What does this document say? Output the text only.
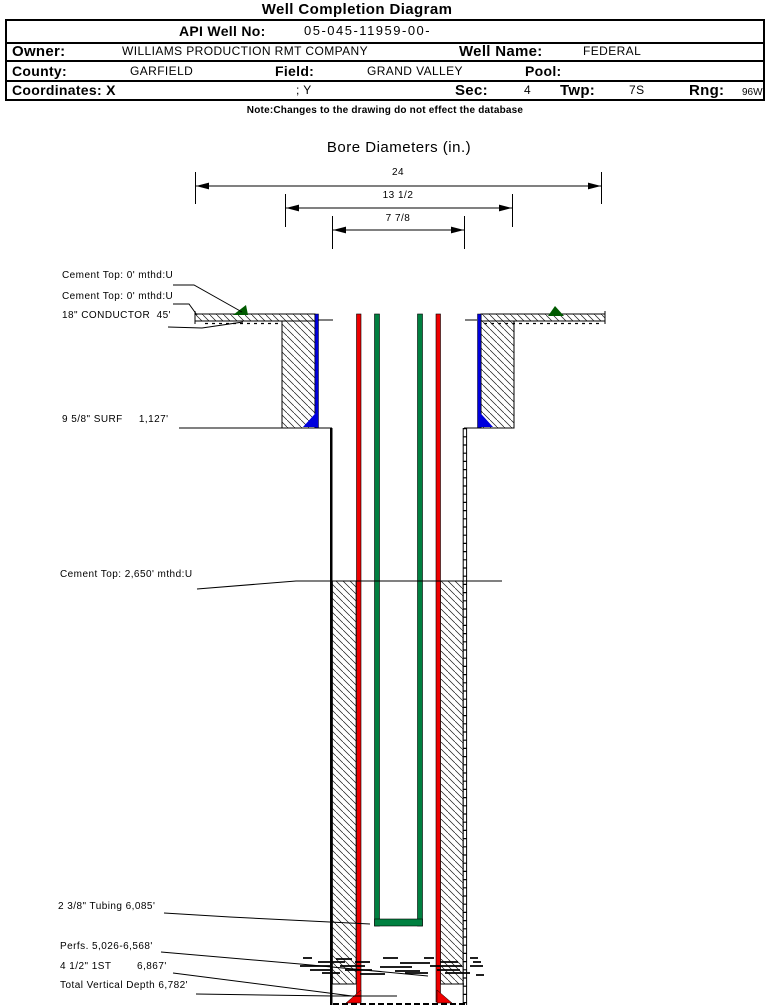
Well Completion Diagram
API Well No:	05-045-11959-00-
Owner:	WILLIAMS PRODUCTION RMT COMPANY	Well Name:	FEDERAL
County:	GARFIELD	Field:	GRAND VALLEY	Pool:
Coordinates: X	; Y	Sec:	4 Twp:	7S	Rng: 96W
Note:Changes to the drawing do not effect the database
Bore Diameters (in.)
24
13 1/2
7 7/8
Cement Top: 0' mthd:U
Cement Top: 0' mthd:U
18" CONDUCTOR  45'
9 5/8" SURF     1,127'
Cement Top: 2,650' mthd:U
2 3/8" Tubing 6,085'
Perfs. 5,026-6,568'
4 1/2" 1ST        6,867'
Total Vertical Depth 6,782'
